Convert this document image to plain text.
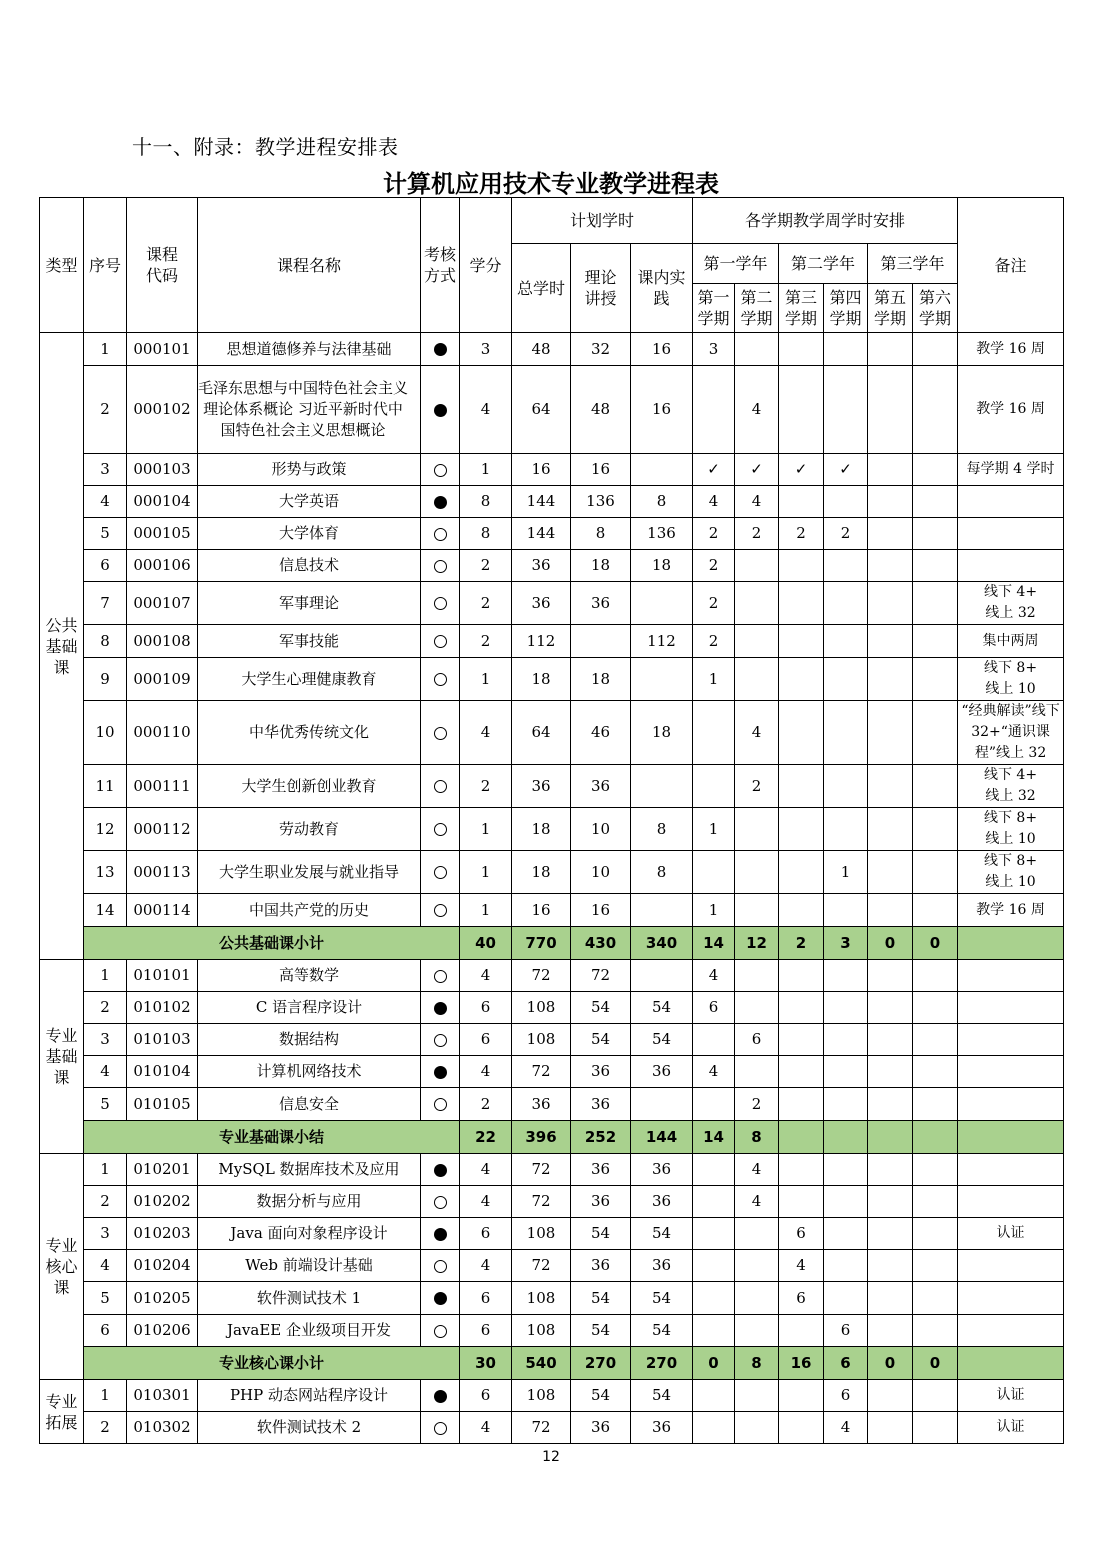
十一、附录：教学进程安排表
计算机应用技术专业教学进程表
类型	序号	课程代码	课程名称	考核方式	学分	计划学时			各学期教学周学时安排						备注
						总学时	理论讲授	课内实践	第一学年		第二学年		第三学年		

									第一学期	第二学期	第三学期	第四学期	第五学期	第六学期	

公共基础课	1	000101	思想道德修养与法律基础		3	48	32	16	3						教学 16 周

	2	000102	毛泽东思想与中国特色社会主义理论体系概论 习近平新时代中国特色社会主义思想概论		4	64	48	16		4					教学 16 周

	3	000103	形势与政策		1	16	16		✓	✓	✓	✓			每学期 4 学时

	4	000104	大学英语		8	144	136	8	4	4					

	5	000105	大学体育		8	144	8	136	2	2	2	2			

	6	000106	信息技术		2	36	18	18	2						

	7	000107	军事理论		2	36	36		2						线下 4+ 线上 32

	8	000108	军事技能		2	112		112	2						集中两周

	9	000109	大学生心理健康教育		1	18	18		1						线下 8+ 线上 10

	10	000110	中华优秀传统文化		4	64	46	18		4					“经典解读”线下 32+“通识课程”线上 32

	11	000111	大学生创新创业教育		2	36	36			2					线下 4+ 线上 32

	12	000112	劳动教育		1	18	10	8	1						线下 8+ 线上 10

	13	000113	大学生职业发展与就业指导		1	18	10	8				1			线下 8+ 线上 10

	14	000114	中国共产党的历史		1	16	16		1						教学 16 周

	公共基础课小计				40	770	430	340	14	12	2	3	0	0	

专业基础课	1	010101	高等数学		4	72	72		4						

	2	010102	C 语言程序设计		6	108	54	54	6						

	3	010103	数据结构		6	108	54	54		6					

	4	010104	计算机网络技术		4	72	36	36	4						

	5	010105	信息安全		2	36	36			2					

	专业基础课小结				22	396	252	144	14	8					

专业核心课	1	010201	MySQL 数据库技术及应用		4	72	36	36		4					

	2	010202	数据分析与应用		4	72	36	36		4					

	3	010203	Java 面向对象程序设计		6	108	54	54			6				认证

	4	010204	Web 前端设计基础		4	72	36	36			4				

	5	010205	软件测试技术 1		6	108	54	54			6				

	6	010206	JavaEE 企业级项目开发		6	108	54	54				6			

	专业核心课小计				30	540	270	270	0	8	16	6	0	0	

专业拓展	1	010301	PHP 动态网站程序设计		6	108	54	54				6			认证

	2	010302	软件测试技术 2		4	72	36	36				4			认证
12
